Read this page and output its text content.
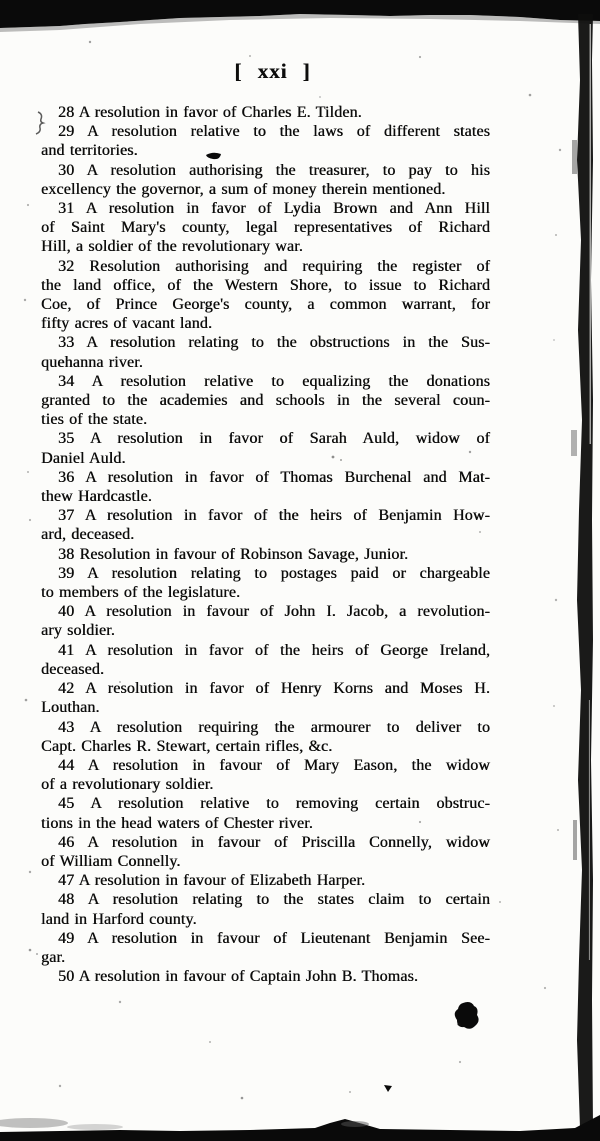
[ xxi ]
28 A resolution in favor of Charles E. Tilden.
29 A resolution relative to the laws of different states
and territories.
30 A resolution authorising the treasurer, to pay to his
excellency the governor, a sum of money therein mentioned.
31 A resolution in favor of Lydia Brown and Ann Hill
of Saint Mary's county, legal representatives of Richard
Hill, a soldier of the revolutionary war.
32 Resolution authorising and requiring the register of
the land office, of the Western Shore, to issue to Richard
Coe, of Prince George's county, a common warrant, for
fifty acres of vacant land.
33 A resolution relating to the obstructions in the Sus-
quehanna river.
34 A resolution relative to equalizing the donations
granted to the academies and schools in the several coun-
ties of the state.
35 A resolution in favor of Sarah Auld, widow of
Daniel Auld.
36 A resolution in favor of Thomas Burchenal and Mat-
thew Hardcastle.
37 A resolution in favor of the heirs of Benjamin How-
ard, deceased.
38 Resolution in favour of Robinson Savage, Junior.
39 A resolution relating to postages paid or chargeable
to members of the legislature.
40 A resolution in favour of John I. Jacob, a revolution-
ary soldier.
41 A resolution in favor of the heirs of George Ireland,
deceased.
42 A resolution in favor of Henry Korns and Moses H.
Louthan.
43 A resolution requiring the armourer to deliver to
Capt. Charles R. Stewart, certain rifles, &c.
44 A resolution in favour of Mary Eason, the widow
of a revolutionary soldier.
45 A resolution relative to removing certain obstruc-
tions in the head waters of Chester river.
46 A resolution in favour of Priscilla Connelly, widow
of William Connelly.
47 A resolution in favour of Elizabeth Harper.
48 A resolution relating to the states claim to certain
land in Harford county.
49 A resolution in favour of Lieutenant Benjamin See-
gar.
50 A resolution in favour of Captain John B. Thomas.
